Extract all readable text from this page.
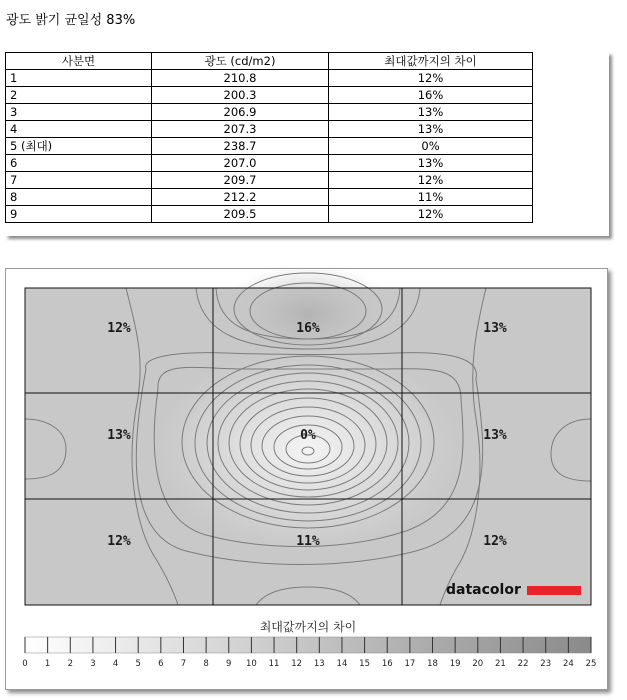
광도 밝기 균일성 83%
사분면	광도 (cd/m2)	최대값까지의 차이
1	210.8	12%
2	200.3	16%
3	206.9	13%
4	207.3	13%
5 (최대)	238.7	0%
6	207.0	13%
7	209.7	12%
8	212.2	11%
9	209.5	12%
12%	16%	13%
13%	0%	13%
12%	11%	12%
datacolor
최대값까지의 차이
0 1 2 3 4 5 6 7 8 9 10 11 12 13 14 15 16 17 18 19 20 21 22 23 24 25
